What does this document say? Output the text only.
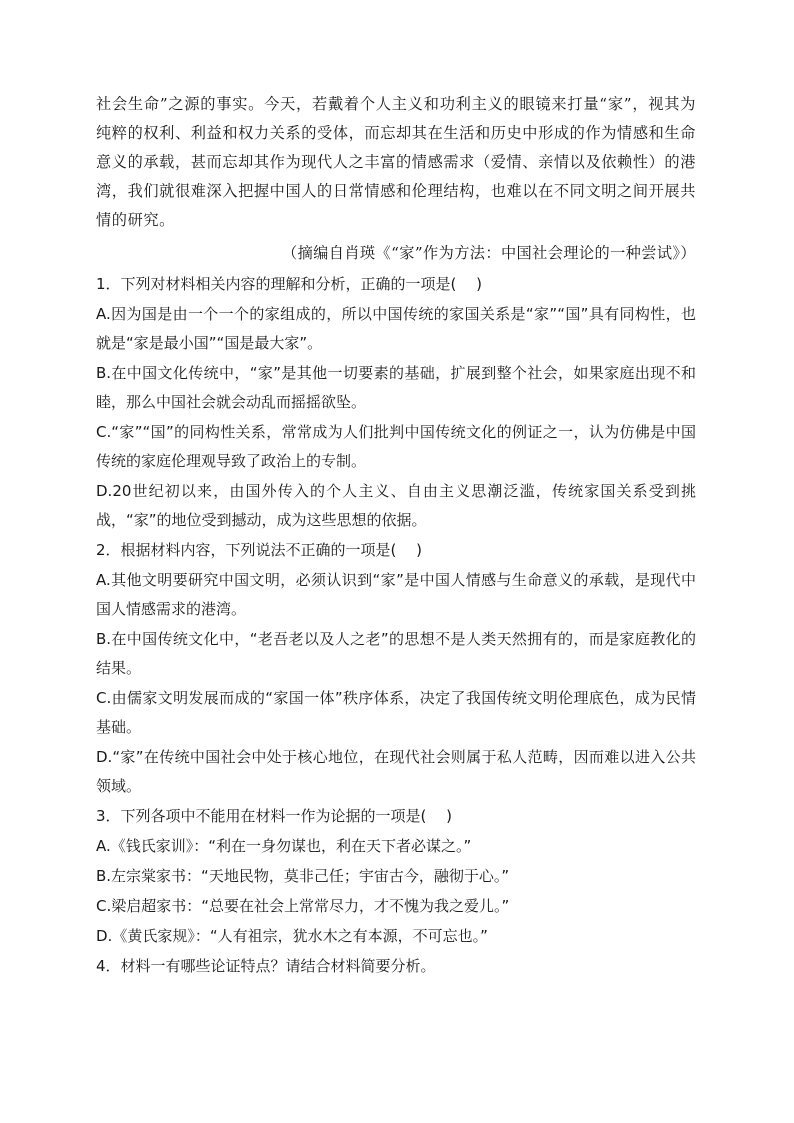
社会生命”之源的事实。今天，若戴着个人主义和功利主义的眼镜来打量“家”，视其为纯粹的权利、利益和权力关系的受体，而忘却其在生活和历史中形成的作为情感和生命意义的承载，甚而忘却其作为现代人之丰富的情感需求（爱情、亲情以及依赖性）的港湾，我们就很难深入把握中国人的日常情感和伦理结构，也难以在不同文明之间开展共情的研究。

（摘编自肖瑛《“家”作为方法：中国社会理论的一种尝试》）

1．下列对材料相关内容的理解和分析，正确的一项是(　 )

A.因为国是由一个一个的家组成的，所以中国传统的家国关系是“家”“国”具有同构性，也就是“家是最小国”“国是最大家”。

B.在中国文化传统中，“家”是其他一切要素的基础，扩展到整个社会，如果家庭出现不和睦，那么中国社会就会动乱而摇摇欲坠。

C.“家”“国”的同构性关系，常常成为人们批判中国传统文化的例证之一，认为仿佛是中国传统的家庭伦理观导致了政治上的专制。

D.20世纪初以来，由国外传入的个人主义、自由主义思潮泛滥，传统家国关系受到挑战，“家”的地位受到撼动，成为这些思想的依据。

2．根据材料内容，下列说法不正确的一项是(　 )

A.其他文明要研究中国文明，必须认识到“家”是中国人情感与生命意义的承载，是现代中国人情感需求的港湾。

B.在中国传统文化中，“老吾老以及人之老”的思想不是人类天然拥有的，而是家庭教化的结果。

C.由儒家文明发展而成的“家国一体”秩序体系，决定了我国传统文明伦理底色，成为民情基础。

D.“家”在传统中国社会中处于核心地位，在现代社会则属于私人范畴，因而难以进入公共领域。

3．下列各项中不能用在材料一作为论据的一项是(　 )

A.《钱氏家训》：“利在一身勿谋也，利在天下者必谋之。”

B.左宗棠家书：“天地民物，莫非己任；宇宙古今，融彻于心。”

C.梁启超家书：“总要在社会上常常尽力，才不愧为我之爱儿。”

D.《黄氏家规》：“人有祖宗，犹水木之有本源，不可忘也。”

4．材料一有哪些论证特点？请结合材料简要分析。
